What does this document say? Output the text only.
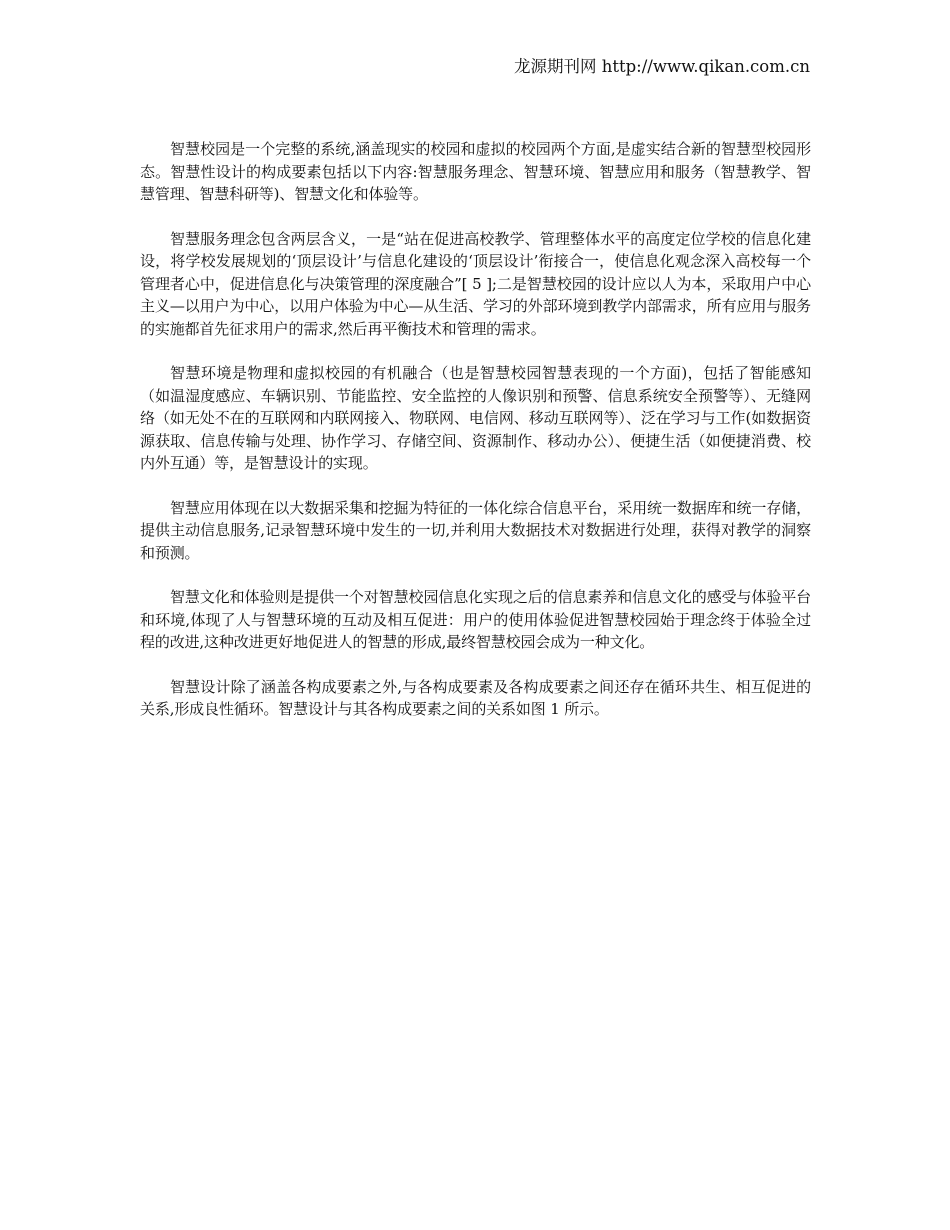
龙源期刊网 http://www.qikan.com.cn

智慧校园是一个完整的系统,涵盖现实的校园和虚拟的校园两个方面,是虚实结合新的智慧型校园形态。智慧性设计的构成要素包括以下内容:智慧服务理念、智慧环境、智慧应用和服务（智慧教学、智慧管理、智慧科研等)、智慧文化和体验等。

智慧服务理念包含两层含义，一是“站在促进高校教学、管理整体水平的高度定位学校的信息化建设，将学校发展规划的‘顶层设计’与信息化建设的‘顶层设计’衔接合一，使信息化观念深入高校每一个管理者心中，促进信息化与决策管理的深度融合”[ 5 ];二是智慧校园的设计应以人为本，采取用户中心主义—以用户为中心，以用户体验为中心—从生活、学习的外部环境到教学内部需求，所有应用与服务的实施都首先征求用户的需求,然后再平衡技术和管理的需求。

智慧环境是物理和虚拟校园的有机融合（也是智慧校园智慧表现的一个方面)，包括了智能感知（如温湿度感应、车辆识别、节能监控、安全监控的人像识别和预警、信息系统安全预警等）、无缝网络（如无处不在的互联网和内联网接入、物联网、电信网、移动互联网等）、泛在学习与工作(如数据资源获取、信息传输与处理、协作学习、存储空间、资源制作、移动办公）、便捷生活（如便捷消费、校内外互通）等，是智慧设计的实现。

智慧应用体现在以大数据采集和挖掘为特征的一体化综合信息平台，采用统一数据库和统一存储，提供主动信息服务,记录智慧环境中发生的一切,并利用大数据技术对数据进行处理，获得对教学的洞察和预测。

智慧文化和体验则是提供一个对智慧校园信息化实现之后的信息素养和信息文化的感受与体验平台和环境,体现了人与智慧环境的互动及相互促进：用户的使用体验促进智慧校园始于理念终于体验全过程的改进,这种改进更好地促进人的智慧的形成,最终智慧校园会成为一种文化。

智慧设计除了涵盖各构成要素之外,与各构成要素及各构成要素之间还存在循环共生、相互促进的关系,形成良性循环。智慧设计与其各构成要素之间的关系如图 1 所示。
